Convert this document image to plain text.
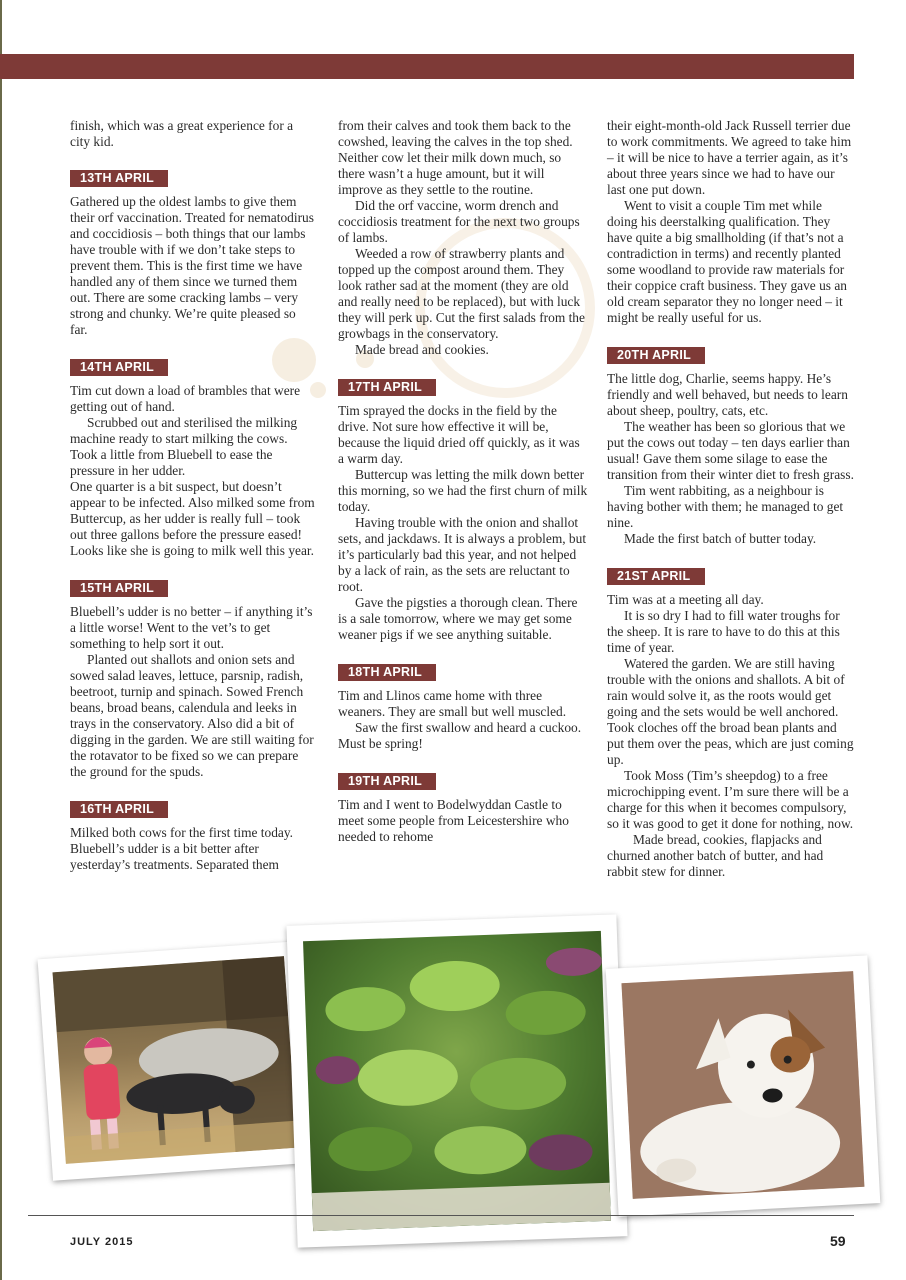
finish, which was a great experience for a city kid.

13TH APRIL

Gathered up the oldest lambs to give them their orf vaccination. Treated for nematodirus and coccidiosis – both things that our lambs have trouble with if we don’t take steps to prevent them. This is the first time we have handled any of them since we turned them out. There are some cracking lambs – very strong and chunky. We’re quite pleased so far.

14TH APRIL

Tim cut down a load of brambles that were getting out of hand.

Scrubbed out and sterilised the milking machine ready to start milking the cows. Took a little from Bluebell to ease the pressure in her udder.

One quarter is a bit suspect, but doesn’t appear to be infected. Also milked some from Buttercup, as her udder is really full – took out three gallons before the pressure eased! Looks like she is going to milk well this year.

15TH APRIL

Bluebell’s udder is no better – if anything it’s a little worse! Went to the vet’s to get something to help sort it out.

Planted out shallots and onion sets and sowed salad leaves, lettuce, parsnip, radish, beetroot, turnip and spinach. Sowed French beans, broad beans, calendula and leeks in trays in the conservatory. Also did a bit of digging in the garden. We are still waiting for the rotavator to be fixed so we can prepare the ground for the spuds.

16TH APRIL

Milked both cows for the first time today. Bluebell’s udder is a bit better after yesterday’s treatments. Separated them

from their calves and took them back to the cowshed, leaving the calves in the top shed. Neither cow let their milk down much, so there wasn’t a huge amount, but it will improve as they settle to the routine.

Did the orf vaccine, worm drench and coccidiosis treatment for the next two groups of lambs.

Weeded a row of strawberry plants and topped up the compost around them. They look rather sad at the moment (they are old and really need to be replaced), but with luck they will perk up. Cut the first salads from the growbags in the conservatory.

Made bread and cookies.

17TH APRIL

Tim sprayed the docks in the field by the drive. Not sure how effective it will be, because the liquid dried off quickly, as it was a warm day.

Buttercup was letting the milk down better this morning, so we had the first churn of milk today.

Having trouble with the onion and shallot sets, and jackdaws. It is always a problem, but it’s particularly bad this year, and not helped by a lack of rain, as the sets are reluctant to root.

Gave the pigsties a thorough clean. There is a sale tomorrow, where we may get some weaner pigs if we see anything suitable.

18TH APRIL

Tim and Llinos came home with three weaners. They are small but well muscled.

Saw the first swallow and heard a cuckoo. Must be spring!

19TH APRIL

Tim and I went to Bodelwyddan Castle to meet some people from Leicestershire who needed to rehome

their eight-month-old Jack Russell terrier due to work commitments. We agreed to take him – it will be nice to have a terrier again, as it’s about three years since we had to have our last one put down.

Went to visit a couple Tim met while doing his deerstalking qualification. They have quite a big smallholding (if that’s not a contradiction in terms) and recently planted some woodland to provide raw materials for their coppice craft business. They gave us an old cream separator they no longer need – it might be really useful for us.

20TH APRIL

The little dog, Charlie, seems happy. He’s friendly and well behaved, but needs to learn about sheep, poultry, cats, etc.

The weather has been so glorious that we put the cows out today – ten days earlier than usual! Gave them some silage to ease the transition from their winter diet to fresh grass.

Tim went rabbiting, as a neighbour is having bother with them; he managed to get nine.

Made the first batch of butter today.

21ST APRIL

Tim was at a meeting all day.

It is so dry I had to fill water troughs for the sheep. It is rare to have to do this at this time of year.

Watered the garden. We are still having trouble with the onions and shallots. A bit of rain would solve it, as the roots would get going and the sets would be well anchored. Took cloches off the broad bean plants and put them over the peas, which are just coming up.

Took Moss (Tim’s sheepdog) to a free microchipping event. I’m sure there will be a charge for this when it becomes compulsory, so it was good to get it done for nothing, now.

Made bread, cookies, flapjacks and churned another batch of butter, and had rabbit stew for dinner.

JULY 2015	59
